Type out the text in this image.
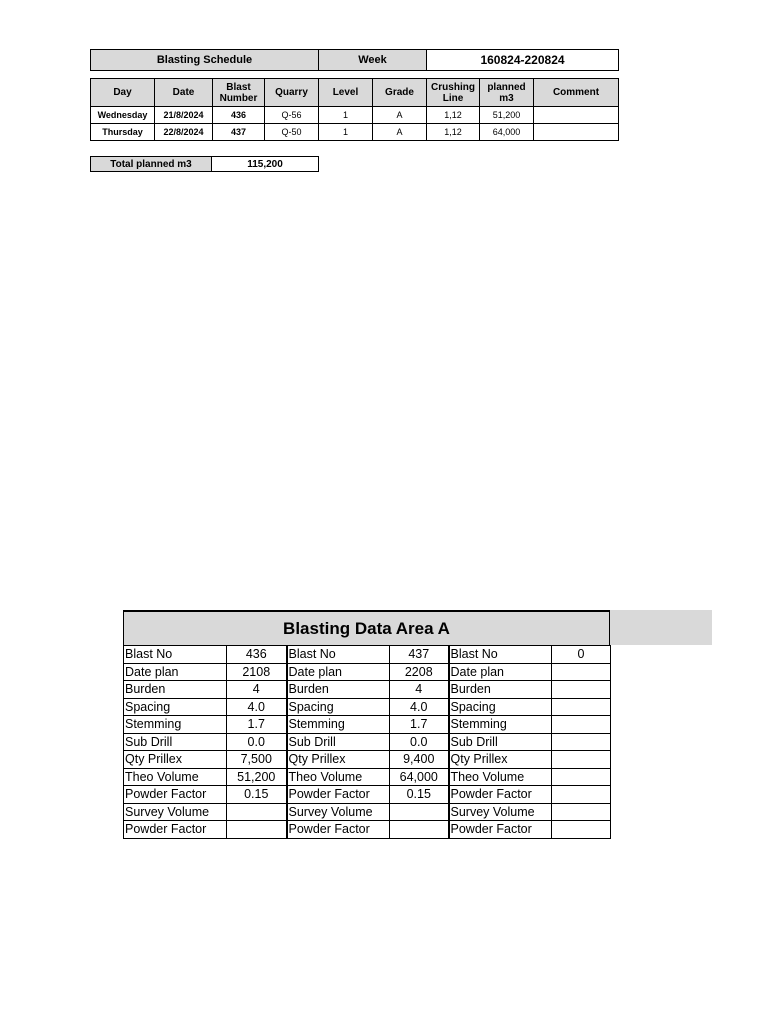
Blasting Schedule	Week	160824-220824
Day	Date	Blast Number	Quarry	Level	Grade	Crushing Line	planned m3	Comment
Wednesday	21/8/2024	436	Q-56	1	A	1,12	51,200	
Thursday	22/8/2024	437	Q-50	1	A	1,12	64,000	
Total planned m3	115,200
Blasting Data Area A
Blast No	436	Blast No	437	Blast No	0
Date plan	2108	Date plan	2208	Date plan	
Burden	4	Burden	4	Burden	
Spacing	4.0	Spacing	4.0	Spacing	
Stemming	1.7	Stemming	1.7	Stemming	
Sub Drill	0.0	Sub Drill	0.0	Sub Drill	
Qty Prillex	7,500	Qty Prillex	9,400	Qty Prillex	
Theo Volume	51,200	Theo Volume	64,000	Theo Volume	
Powder Factor	0.15	Powder Factor	0.15	Powder Factor	
Survey Volume		Survey Volume		Survey Volume	
Powder Factor		Powder Factor		Powder Factor	
